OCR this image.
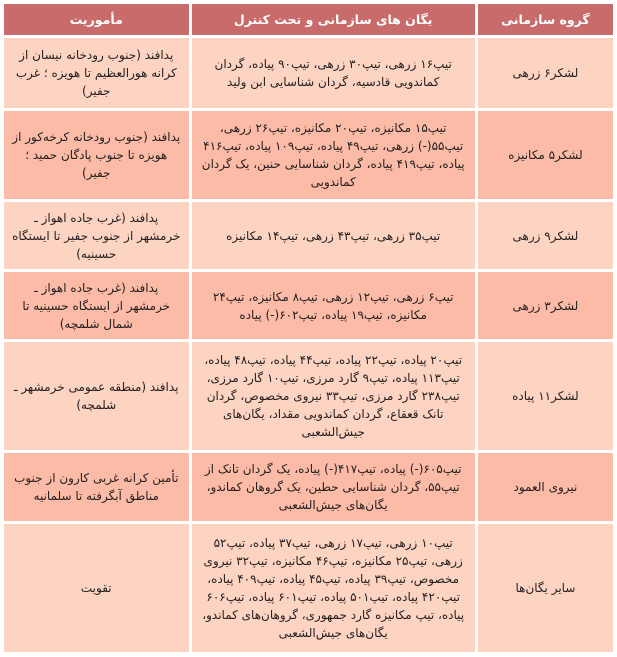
گروه سازمانی	یگان های سازمانی و تحت کنترل	مأموریت
لشکر۶ زرهی	تیپ۱۶ زرهی، تیپ۳۰ زرهی، تیپ۹۰ پیاده، گردان کماندویی قادسیه، گردان شناسایی ابن ولید	پدافند (جنوب رودخانه نیسان از کرانه هورالعظیم تا هویزه ؛ غرب جفیر)
لشکر۵ مکانیزه	تیپ۱۵ مکانیزه، تیپ۲۰ مکانیزه، تیپ۲۶ زرهی، تیپ۵۵(-) زرهی، تیپ۴۹ پیاده، تیپ۱۰۹ پیاده، تیپ۴۱۶ پیاده، تیپ۴۱۹ پیاده، گردان شناسایی حنین، یک گردان کماندویی	پدافند (جنوب رودخانه کرخه‌کور از هویزه تا جنوب پادگان حمید ؛ جفیر)
لشکر۹ زرهی	تیپ۳۵ زرهی، تیپ۴۳ زرهی، تیپ۱۴ مکانیزه	پدافند (غرب جاده اهواز ـ خرمشهر از جنوب جفیر تا ایستگاه حسینیه)
لشکر۳ زرهی	تیپ۶ زرهی، تیپ۱۲ زرهی، تیپ۸ مکانیزه، تیپ۲۴ مکانیزه، تیپ۱۹ پیاده، تیپ۶۰۲(-) پیاده	پدافند (غرب جاده اهواز ـ خرمشهر از ایستگاه حسینیه تا شمال شلمچه)
لشکر۱۱ پیاده	تیپ۲۰ پیاده، تیپ۲۲ پیاده، تیپ۴۴ پیاده، تیپ۴۸ پیاده، تیپ۱۱۳ پیاده، تیپ۹ گارد مرزی، تیپ۱۰ گارد مرزی، تیپ۲۳۸ گارد مرزی، تیپ۳۳ نیروی مخصوص، گردان تانک قعقاع، گردان کماندویی مقداد، یگان‌های جیش‌الشعبی	پدافند (منطقه عمومی خرمشهر ـ شلمچه)
نیروی العمود	تیپ۶۰۵(-) پیاده، تیپ۴۱۷(-) پیاده، یک گردان تانک از تیپ۵۵، گردان شناسایی حطین، یک گروهان کماندو، یگان‌های جیش‌الشعبی	تأمین کرانه غربی کارون از جنوب مناطق آبگرفته تا سلمانیه
سایر یگان‌ها	تیپ۱۰ زرهی، تیپ۱۷ زرهی، تیپ۳۷ پیاده، تیپ۵۲ زرهی، تیپ۲۵ مکانیزه، تیپ۴۶ مکانیزه، تیپ۳۲ نیروی مخصوص، تیپ۳۹ پیاده، تیپ۴۵ پیاده، تیپ۴۰۹ پیاده، تیپ۴۲۰ پیاده، تیپ۵۰۱ پیاده، تیپ۶۰۱ پیاده، تیپ۶۰۶ پیاده، تیپ مکانیزه گارد جمهوری، گروهان‌های کماندو، یگان‌های جیش‌الشعبی	تقویت
